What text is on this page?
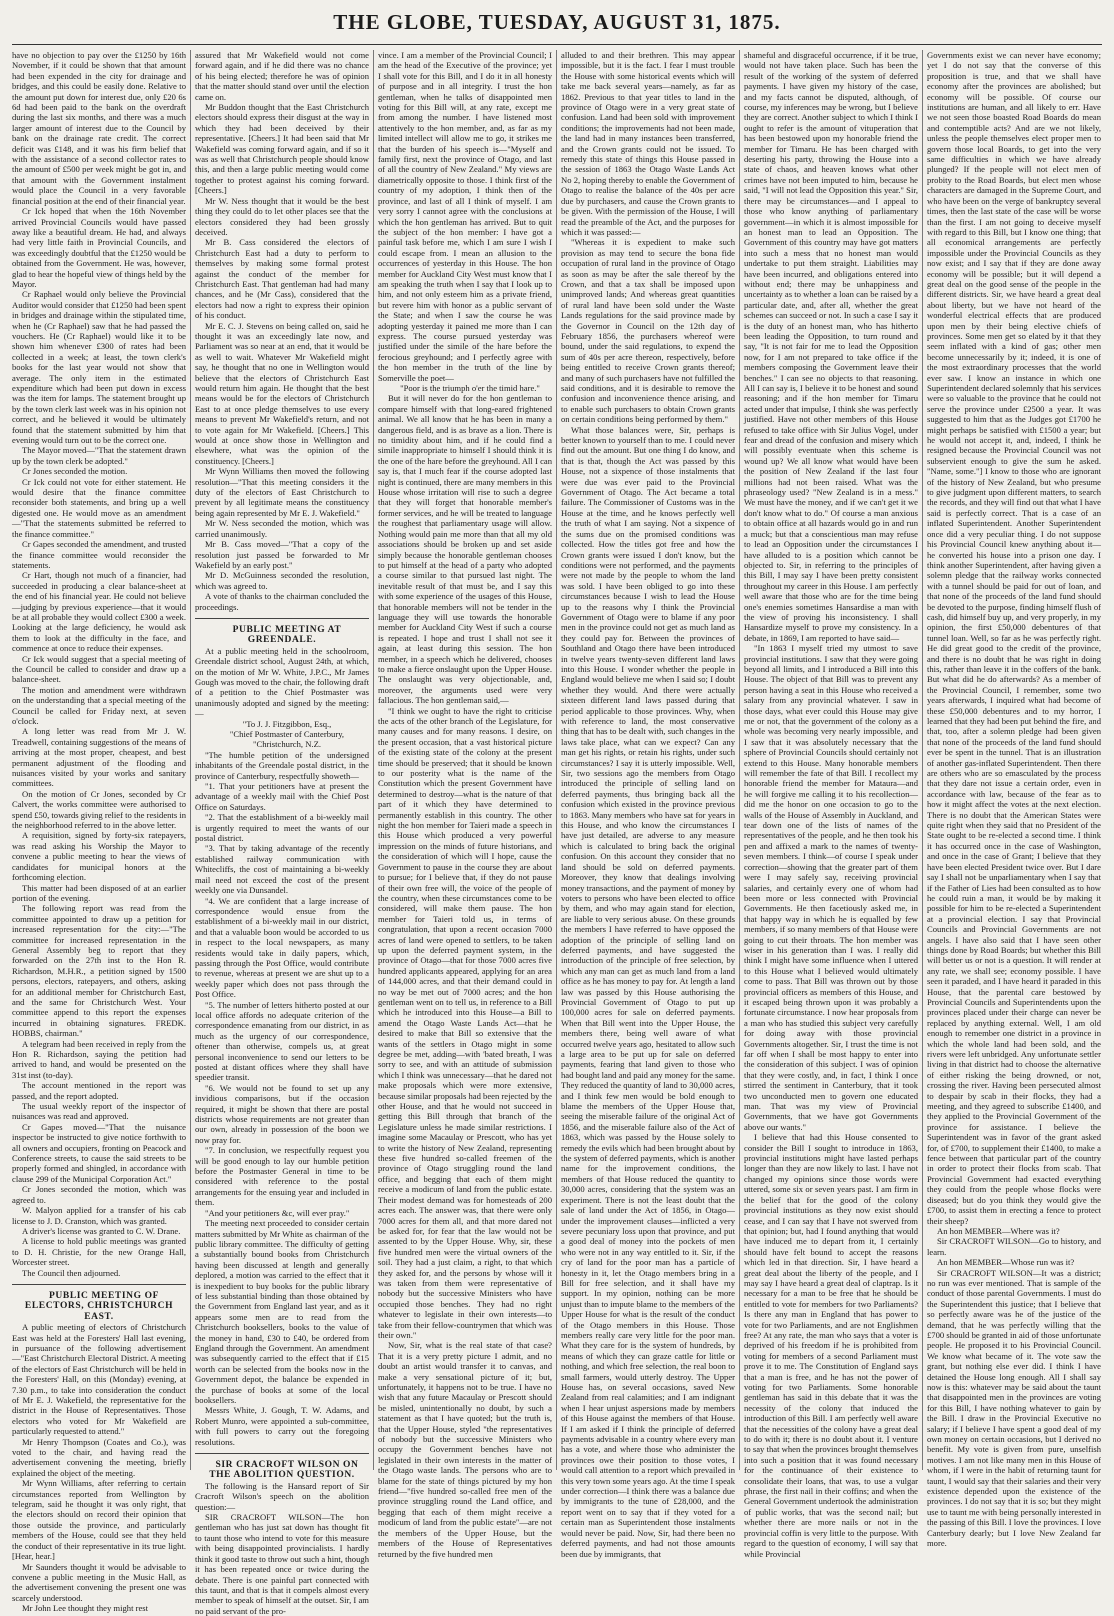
THE GLOBE, TUESDAY, AUGUST 31, 1875.

have no objection to pay over the £1250 by 16th November, if it could be shown that that amount had been expended in the city for drainage and bridges, and this could be easily done. Relative to the amount put down for interest due, only £20 6s 6d had been paid to the bank on the overdraft during the last six months, and there was a much larger amount of interest due to the Council by bank on the drainage rate credit. The correct deficit was £148, and it was his firm belief that with the assistance of a second collector rates to the amount of £500 per week might be got in, and that amount with the Government instalment would place the Council in a very favorable financial position at the end of their financial year.

Cr Ick hoped that when the 16th November arrived Provincial Councils would have passed away like a beautiful dream. He had, and always had very little faith in Provincial Councils, and was exceedingly doubtful that the £1250 would be obtained from the Government. He was, however, glad to hear the hopeful view of things held by the Mayor.

Cr Raphael would only believe the Provincial Auditor would consider that £1250 had been spent in bridges and drainage within the stipulated time, when he (Cr Raphael) saw that he had passed the vouchers. He (Cr Raphael) would like it to be shown him whenever £300 of rates had been collected in a week; at least, the town clerk's books for the last year would not show that average. The only item in the estimated expenditure which had been put down in excess was the item for lamps. The statement brought up by the town clerk last week was in his opinion not correct, and he believed it would be ultimately found that the statement submitted by him that evening would turn out to be the correct one.

The Mayor moved—"That the statement drawn up by the town clerk be adopted."

Cr Jones seconded the motion.

Cr Ick could not vote for either statement. He would desire that the finance committee reconsider both statements, and bring up a well digested one. He would move as an amendment—"That the statements submitted be referred to the finance committee."

Cr Gapes seconded the amendment, and trusted the finance committee would reconsider the statements.

Cr Hart, though not much of a financier, had succeeded in producing a clear balance-sheet at the end of his financial year. He could not believe—judging by previous experience—that it would be at all probable they would collect £300 a week. Looking at the large deficiency, he would ask them to look at the difficulty in the face, and commence at once to reduce their expenses.

Cr Ick would suggest that a special meeting of the Council be called to consider and draw up a balance-sheet.

The motion and amendment were withdrawn on the understanding that a special meeting of the Council be called for Friday next, at seven o'clock.

A long letter was read from Mr J. W. Treadwell, containing suggestions of the means of arriving at the most proper, cheapest, and best permanent adjustment of the flooding and nuisances visited by your works and sanitary committees.

On the motion of Cr Jones, seconded by Cr Calvert, the works committee were authorised to spend £50, towards giving relief to the residents in the neighborhood referred to in the above letter.

A requisition, signed by forty-six ratepayers, was read asking his Worship the Mayor to convene a public meeting to hear the views of candidates for municipal honors at the forthcoming election.

This matter had been disposed of at an earlier portion of the evening.

The following report was read from the committee appointed to draw up a petition for increased representation for the city:—"The committee for increased representation in the General Assembly beg to report that they forwarded on the 27th inst to the Hon R. Richardson, M.H.R., a petition signed by 1500 persons, electors, ratepayers, and others, asking for an additional member for Christchurch East, and the same for Christchurch West. Your committee append to this report the expenses incurred in obtaining signatures. FREDK. HOBBS, chairman."

A telegram had been received in reply from the Hon R. Richardson, saying the petition had arrived to hand, and would be presented on the 31st inst (to-day).

The account mentioned in the report was passed, and the report adopted.

The usual weekly report of the inspector of nuisances was read and approved.

Cr Gapes moved—"That the nuisance inspector be instructed to give notice forthwith to all owners and occupiers, fronting on Peacock and Conference streets, to cause the said streets to be properly formed and shingled, in accordance with clause 299 of the Municipal Corporation Act."

Cr Jones seconded the motion, which was agreed to.

W. Malyon applied for a transfer of his cab license to J. D. Cranston, which was granted.

A driver's license was granted to C. W. Drane.

A license to hold public meetings was granted to D. H. Christie, for the new Orange Hall, Worcester street.

The Council then adjourned.

PUBLIC MEETING OF ELECTORS, CHRISTCHURCH EAST.

A public meeting of electors of Christchurch East was held at the Foresters' Hall last evening, in pursuance of the following advertisement—"East Christchurch Electoral District. A meeting of the electors of East Christchurch will be held in the Foresters' Hall, on this (Monday) evening, at 7.30 p.m., to take into consideration the conduct of Mr E. J. Wakefield, the representative for the district in the House of Representatives. Those electors who voted for Mr Wakefield are particularly requested to attend."

Mr Henry Thompson (Coates and Co.), was voted to the chair, and having read the advertisement convening the meeting, briefly explained the object of the meeting.

Mr Wynn Williams, after referring to certain circumstances reported from Wellington by telegram, said he thought it was only right, that the electors should on record their opinion that those outside the province, and particularly members of the House, could see that they held the conduct of their representative in its true light. [Hear, hear.]

Mr Saunders thought it would be advisable to convene a public meeting in the Music Hall, as the advertisement convening the present one was scarcely understood.

Mr John Lee thought they might rest

assured that Mr Wakefield would not come forward again, and if he did there was no chance of his being elected; therefore he was of opinion that the matter should stand over until the election came on.

Mr Buddon thought that the East Christchurch electors should express their disgust at the way in which they had been deceived by their representative. [Cheers.] It had been said that Mr Wakefield was coming forward again, and if so it was as well that Christchurch people should know this, and then a large public meeting would come together to protest against his coming forward. [Cheers.]

Mr W. Ness thought that it would be the best thing they could do to let other places see that the electors considered they had been grossly deceived.

Mr B. Cass considered the electors of Christchurch East had a duty to perform to themselves by making some formal protest against the conduct of the member for Christchurch East. That gentleman had had many chances, and he (Mr Cass), considered that the electors had now a right to express their opinion of his conduct.

Mr E. C. J. Stevens on being called on, said he thought it was an exceedingly late now, and Parliament was so near at an end, that it would be as well to wait. Whatever Mr Wakefield might say, he thought that no one in Wellington would believe that the electors of Christchurch East would return him again. He thought that the best means would be for the electors of Christchurch East to at once pledge themselves to use every means to prevent Mr Wakefield's return, and not to vote again for Mr Wakefield. [Cheers.] This would at once show those in Wellington and elsewhere, what was the opinion of the constituency. [Cheers.]

Mr Wynn Williams then moved the following resolution—"That this meeting considers it the duty of the electors of East Christchurch to prevent by all legitimate means the constituency being again represented by Mr E. J. Wakefield."

Mr W. Ness seconded the motion, which was carried unanimously.

Mr B. Cass moved—"That a copy of the resolution just passed be forwarded to Mr Wakefield by an early post."

Mr D. McGuinness seconded the resolution, which was agreed to.

A vote of thanks to the chairman concluded the proceedings.

PUBLIC MEETING AT GREENDALE.

At a public meeting held in the schoolroom, Greendale district school, August 24th, at which, on the motion of Mr W. White, J.P.C., Mr James Gough was moved to the chair, the following draft of a petition to the Chief Postmaster was unanimously adopted and signed by the meeting:—

"To J. J. Fitzgibbon, Esq.,

"Chief Postmaster of Canterbury,

"Christchurch, N.Z.

"The humble petition of the undersigned inhabitants of the Greendale postal district, in the province of Canterbury, respectfully showeth—

"1. That your petitioners have at present the advantage of a weekly mail with the Chief Post Office on Saturdays.

"2. That the establishment of a bi-weekly mail is urgently required to meet the wants of our postal district.

"3. That by taking advantage of the recently established railway communication with Whitecliffs, the cost of maintaining a bi-weekly mail need not exceed the cost of the present weekly one via Dunsandel.

"4. We are confident that a large increase of correspondence would ensue from the establishment of a bi-weekly mail in our district, and that a valuable boon would be accorded to us in respect to the local newspapers, as many residents would take in daily papers, which, passing through the Post Office, would contribute to revenue, whereas at present we are shut up to a weekly paper which does not pass through the Post Office.

"5. The number of letters hitherto posted at our local office affords no adequate criterion of the correspondence emanating from our district, in as much as the urgency of our correspondence, oftener than otherwise, compels us, at great personal inconvenience to send our letters to be posted at distant offices where they shall have speedier transit.

"6. We would not be found to set up any invidious comparisons, but if the occasion required, it might be shown that there are postal districts whose requirements are not greater than our own, already in possession of the boon we now pray for.

"7. In conclusion, we respectfully request you will be good enough to lay our humble petition before the Postmaster General in time to be considered with reference to the postal arrangements for the ensuing year and included in them.

"And your petitioners &c, will ever pray."

The meeting next proceeded to consider certain matters submitted by Mr White as chairman of the public library committee. The difficulty of getting a substantially bound books from Christchurch having been discussed at length and generally deplored, a motion was carried to the effect that it is inexpedient to buy books for the public library of less substantial binding than those obtained by the Government from England last year, and as it appears some men are to read from the Christchurch booksellers, books to the value of the money in hand, £30 to £40, be ordered from England through the Government. An amendment was subsequently carried to the effect that if £15 worth can be selected from the books now in the Government depot, the balance be expended in the purchase of books at some of the local booksellers.

Messrs White, J. Gough, T. W. Adams, and Robert Munro, were appointed a sub-committee, with full powers to carry out the foregoing resolutions.

SIR CRACROFT WILSON ON THE ABOLITION QUESTION.

The following is the Hansard report of Sir Cracroft Wilson's speech on the abolition question:—

SIR CRACROFT WILSON—The hon gentleman who has just sat down has thought fit to taunt those who intend to vote for this measure with being disappointed provincialists. I hardly think it good taste to throw out such a hint, though it has been repeated once or twice during the debate. There is one painful part connected with this taunt, and that is that it compels almost every member to speak of himself at the outset. Sir, I am no paid servant of the pro-

vince. I am a member of the Provincial Council; I am the head of the Executive of the province; yet I shall vote for this Bill, and I do it in all honesty of purpose and in all integrity. I trust the hon gentleman, when he talks of disappointed men voting for this Bill will, at any rate, except me from among the number. I have listened most attentively to the hon member, and, as far as my limited intellect will allow me to go, it strikes me that the burden of his speech is—"Myself and family first, next the province of Otago, and last of all the country of New Zealand." My views are diametrically opposite to those. I think first of the country of my adoption, I think then of the province, and last of all I think of myself. I am very sorry I cannot agree with the conclusions at which the hon gentleman has arrived. But to quit the subject of the hon member: I have got a painful task before me, which I am sure I wish I could escape from. I mean an allusion to the occurrences of yesterday in this House. The hon member for Auckland City West must know that I am speaking the truth when I say that I look up to him, and not only esteem him as a private friend, but revere him with honor as a public servant of the State; and when I saw the course he was adopting yesterday it pained me more than I can express. The course pursued yesterday was justified under the simile of the hare before the ferocious greyhound; and I perfectly agree with the hon member in the truth of the line by Somerville the poet—

"Poor is the triumph o'er the timid hare."

But it will never do for the hon gentleman to compare himself with that long-eared frightened animal. We all know that he has been in many a dangerous field, and is as brave as a lion. There is no timidity about him, and if he could find a simile inappropriate to himself I should think it is the one of the hare before the greyhound. All I can say is, that I much fear if the course adopted last night is continued, there are many members in this House whose irritation will rise to such a degree that they will forget that honorable member's former services, and he will be treated to language the roughest that parliamentary usage will allow. Nothing would pain me more than that all my old associations should be broken up and set aside simply because the honorable gentleman chooses to put himself at the head of a party who adopted a course similar to that pursued last night. The inevitable result of that must be, and I say this with some experience of the usages of this House, that honorable members will not be tender in the language they will use towards the honorable member for Auckland City West if such a course is repeated. I hope and trust I shall not see it again, at least during this session. The hon member, in a speech which he delivered, chooses to make a fierce onslaught upon the Upper House. The onslaught was very objectionable, and, moreover, the arguments used were very fallacious. The hon gentleman said,—

"I think we ought to have the right to criticise the acts of the other branch of the Legislature, for many causes and for many reasons. I desire, on the present occasion, that a vast historical picture of the existing state of the colony at the present time should be preserved; that it should be known to our posterity what is the name of the Constitution which the present Government have determined to destroy—what is the nature of that part of it which they have determined to permanently establish in this country. The other night the hon member for Taieri made a speech in this House which produced a very powerful impression on the minds of future historians, and the consideration of which will I hope, cause the Government to pause in the course they are about to pursue; for I believe that, if they do not pause of their own free will, the voice of the people of the country, when these circumstances come to be considered, will make them pause. The hon member for Taieri told us, in terms of congratulation, that upon a recent occasion 7000 acres of land were opened to settlers, to be taken up upon the deferred payment system, in the province of Otago—that for those 7000 acres five hundred applicants appeared, applying for an area of 144,000 acres, and that their demand could in no way be met out of 7000 acres; and the hon gentleman went on to tell us, in reference to a Bill which he introduced into this House—a Bill to amend the Otago Waste Lands Act—that he desired to make that Bill so extensive that the wants of the settlers in Otago might in some degree be met, adding—with 'bated breath, I was sorry to see, and with an attitude of submission which I think was unnecessary—that he dared not make proposals which were more extensive, because similar proposals had been rejected by the other House, and that he would not succeed in getting this Bill through that branch of the Legislature unless he made similar restrictions. I imagine some Macaulay or Prescott, who has yet to write the history of New Zealand, representing these five hundred so-called freemen of the province of Otago struggling round the land office, and begging that each of them might receive a modicum of land from the public estate. Their modest demand was for homesteads of 200 acres each. The answer was, that there were only 7000 acres for them all, and that more dared not be asked for, for fear that the law would not be assented to by the Upper House. Why, sir, these five hundred men were the virtual owners of the soil. They had a just claim, a right, to that which they asked for, and the persons by whose will it was taken from them were representative of nobody but the successive Ministers who have occupied those benches. They had no right whatever to legislate in their own interests—to take from their fellow-countrymen that which was their own."

Now, Sir, what is the real state of that case? That it is a very pretty picture I admit, and no doubt an artist would transfer it to canvas, and make a very sensational picture of it; but, unfortunately, it happens not to be true. I have no wish that any future Macaulay or Prescott should be misled, unintentionally no doubt, by such a statement as that I have quoted; but the truth is, that the Upper House, styled "the representatives of nobody but the successive Ministers who occupy the Government benches have not legislated in their own interests in the matter of the Otago waste lands. The persons who are to blame for the state of things pictured by my hon friend—"five hundred so-called free men of the province struggling round the Land office, and begging that each of them might receive a modicum of land from the public estate"—are not the members of the Upper House, but the members of the House of Representatives returned by the five hundred men

alluded to and their brethren. This may appear impossible, but it is the fact. I fear I must trouble the House with some historical events which will take me back several years—namely, as far as 1862. Previous to that year titles to land in the province of Otago were in a very great state of confusion. Land had been sold with improvement conditions; the improvements had not been made, the land had in many instances been transferred, and the Crown grants could not be issued. To remedy this state of things this House passed in the session of 1863 the Otago Waste Lands Act No 2, hoping thereby to enable the Government of Otago to realise the balance of the 40s per acre due by purchasers, and cause the Crown grants to be given. With the permission of the House, I will read the preamble of the Act, and the purposes for which it was passed:—

"Whereas it is expedient to make such provision as may tend to secure the bona fide occupation of rural land in the province of Otago as soon as may be after the sale thereof by the Crown, and that a tax shall be imposed upon unimproved lands; And whereas great quantities of rural land have been sold under the Waste Lands regulations for the said province made by the Governor in Council on the 12th day of February 1856, the purchasers whereof were bound, under the said regulations, to expend the sum of 40s per acre thereon, respectively, before being entitled to receive Crown grants thereof; and many of such purchasers have not fulfilled the said conditions, and it is desirable to remove the confusion and inconvenience thence arising, and to enable such purchasers to obtain Crown grants on certain conditions being performed by them."

What those balances were, Sir, perhaps is better known to yourself than to me. I could never find out the amount. But one thing I do know, and that is that, though the Act was passed by this House, not a sixpence of those instalments that were due was ever paid to the Provincial Government of Otago. The Act became a total failure. The Commissioner of Customs was in the House at the time, and he knows perfectly well the truth of what I am saying. Not a sixpence of the sums due on the promised conditions was collected. How the titles got free and how the Crown grants were issued I don't know, but the conditions were not performed, and the payments were not made by the people to whom the land was sold. I have been obliged to go into these circumstances because I wish to lead the House up to the reasons why I think the Provincial Government of Otago were to blame if any poor men in the province could not get as much land as they could pay for. Between the provinces of Southland and Otago there have been introduced in twelve years twenty-seven different land laws into this House. I wonder whether the people in England would believe me when I said so; I doubt whether they would. And there were actually sixteen different land laws passed during that period applicable to those provinces. Why, when with reference to land, the most conservative thing that has to be dealt with, such changes in the laws take place, what can we expect? Can any man get his rights, or retain his rights, under such circumstances? I say it is utterly impossible. Well, Sir, two sessions ago the members from Otago introduced the principle of selling land on deferred payments, thus bringing back all the confusion which existed in the province previous to 1863. Many members who have sat for years in this House, and who know the circumstances I have just detailed, are adverse to any measure which is calculated to bring back the original confusion. On this account they consider that no land should be sold on deferred payments. Moreover, they know that dealings involving money transactions, and the payment of money by voters to persons who have been elected to office by them, and who may again stand for election, are liable to very serious abuse. On these grounds the members I have referred to have opposed the adoption of the principle of selling land on deferred payments, and have suggested the introduction of the principle of free selection, by which any man can get as much land from a land office as he has money to pay for. At length a land law was passed by this House authorising the Provincial Government of Otago to put up 100,000 acres for sale on deferred payments. When that Bill went into the Upper House, the members there, being well aware of what occurred twelve years ago, hesitated to allow such a large area to be put up for sale on deferred payments, fearing that land given to those who had bought land and paid any money for the same. They reduced the quantity of land to 30,000 acres, and I think few men would be bold enough to blame the members of the Upper House that, seeing the miserable failure of the original Act of 1856, and the miserable failure also of the Act of 1863, which was passed by the House solely to remedy the evils which had been brought about by the system of deferred payments, which is another name for the improvement conditions, the members of that House reduced the quantity to 30,000 acres, considering that the system was an experiment. There is not the least doubt that the sale of land under the Act of 1856, in Otago—under the improvement clauses—inflicted a very severe pecuniary loss upon that province, and put a good deal of money into the pockets of men who were not in any way entitled to it. Sir, if the cry of land for the poor man has a particle of honesty in it, let the Otago members bring in a Bill for free selection, and it shall have my support. In my opinion, nothing can be more unjust than to impute blame to the members of the Upper House for what is the result of the conduct of the Otago members in this House. Those members really care very little for the poor man. What they care for is the system of hundreds, by means of which they can graze cattle for little or nothing, and which free selection, the real boon to small farmers, would utterly destroy. The Upper House has, on several occasions, saved New Zealand from real calamities; and I am indignant when I hear unjust aspersions made by members of this House against the members of that House. If I am asked if I think the principle of deferred payments advisable in a country where every man has a vote, and where those who administer the provinces owe their position to those votes, I would call attention to a report which prevailed in this very town some years ago. At the time I speak under correction—I think there was a balance due by immigrants to the tune of £28,000, and the report went on to say that if they voted for a certain man as Superintendent those instalments would never be paid. Now, Sir, had there been no deferred payments, and had not those amounts been due by immigrants, that

shameful and disgraceful occurrence, if it be true, would not have taken place. Such has been the result of the working of the system of deferred payments. I have given my history of the case, and my facts cannot be disputed, although, of course, my inferences may be wrong, but I believe they are correct. Another subject to which I think I ought to refer is the amount of vituperation that has been bestowed upon my honorable friend the member for Timaru. He has been charged with deserting his party, throwing the House into a state of chaos, and heaven knows what other crimes have not been imputed to him, because he said, "I will not lead the Opposition this year." Sir, there may be circumstances—and I appeal to those who know anything of parliamentary government—in which it is almost impossible for an honest man to lead an Opposition. The Government of this country may have got matters into such a mess that no honest man would undertake to put them straight. Liabilities may have been incurred, and obligations entered into without end; there may be unhappiness and uncertainty as to whether a loan can be raised by a particular date, and, after all, whether the great schemes can succeed or not. In such a case I say it is the duty of an honest man, who has hitherto been leading the Opposition, to turn round and say, "It is not fair for me to lead the Opposition now, for I am not prepared to take office if the members composing the Government leave their benches." I can see no objects to that reasoning. All I can say is, I believe it to be honest and sound reasoning; and if the hon member for Timaru acted under that impulse, I think she was perfectly justified. Have not other members of this House refused to take office with Sir Julius Vogel, under fear and dread of the confusion and misery which will possibly eventuate when this scheme is wound up? We all know what would have been the position of New Zealand if the last four millions had not been raised. What was the phraseology used? "New Zealand is in a mess." We must have the money, and if we can't get it we don't know what to do." Of course a man anxious to obtain office at all hazards would go in and run a muck; but that a conscientious man may refuse to lead an Opposition under the circumstances I have alluded to is a position which cannot be objected to. Sir, in referring to the principles of this Bill, I may say I have been pretty consistent throughout my career in this House. I am perfectly well aware that those who are for the time being one's enemies sometimes Hansardise a man with the view of proving his inconsistency. I shall Hansardize myself to prove my consistency. In a debate, in 1869, I am reported to have said—

"In 1863 I myself tried my utmost to save provincial institutions. I saw that they were going beyond all limits, and I introduced a Bill into this House. The object of that Bill was to prevent any person having a seat in this House who received a salary from any provincial whatever. I saw in those days, what ever could this House may give me or not, that the government of the colony as a whole was becoming very nearly impossible, and I saw that it was absolutely necessary that the sphere of Provincial Councils should certainly not extend to this House. Many honorable members will remember the fate of that Bill. I recollect my honorable friend the member for Mataura—and he will forgive me calling it to his recollection—did me the honor on one occasion to go to the walls of the House of Assembly in Auckland, and tear down one of the lists of names of the representatives of the people, and he then took his pen and affixed a mark to the names of twenty-seven members. I think—of course I speak under correction—showing that the greater part of them were I may safely say, receiving provincial salaries, and certainly every one of whom had been more or less connected with Provincial Governments. He then facetiously asked me, in that happy way in which he is equalled by few members, if so many members of that House were going to cut their throats. The hon member was wiser in his generation than I was. I really did think I might have some influence when I uttered to this House what I believed would ultimately come to pass. That Bill was thrown out by those provincial officers as members of this House, and it escaped being thrown upon it was probably a fortunate circumstance. I now hear proposals from a man who has studied this subject very carefully for doing away with those provincial Governments altogether. Sir, I trust the time is not far off when I shall be most happy to enter into the consideration of this subject. I was of opinion that they were costly, and, in fact, I think I once stirred the sentiment in Canterbury, that it took two unconducted men to govern one educated man. That was my view of Provincial Governments, that we have got Governments above our wants."

I believe that had this House consented to consider the Bill I sought to introduce in 1863, provincial institutions might have lasted perhaps longer than they are now likely to last. I have not changed my opinions since those words were uttered, some six or seven years past. I am firm in the belief that for the good of the colony provincial institutions as they now exist should cease, and I can say that I have not swerved from that opinion; but, had I found anything that would have induced me to depart from it, I certainly should have felt bound to accept the reasons which led in that direction. Sir, I have heard a great deal about the liberty of the people, and I may say I have heard a great deal of claptrap. Is it necessary for a man to be free that he should be entitled to vote for members for two Parliaments? Is there any man in England that has power to vote for two Parliaments, and are not Englishmen free? At any rate, the man who says that a voter is deprived of his freedom if he is prohibited from voting for members of a second Parliament must prove it to me. The Constitution of England says that a man is free, and he has not the power of voting for two Parliaments. Some honorable gentleman has said in this debate that it was the necessity of the colony that induced the introduction of this Bill. I am perfectly well aware that the necessities of the colony have a great deal to do with it; there is no doubt about it. I venture to say that when the provinces brought themselves into such a position that it was found necessary for the continuance of their existence to consolidate their loans, that was, to use a vulgar phrase, the first nail in their coffins; and when the General Government undertook the administration of public works, that was the second nail; but whether there are more nails or not in the provincial coffin is very little to the purpose. With regard to the question of economy, I will say that while Provincial

Governments exist we can never have economy; yet I do not say that the converse of this proposition is true, and that we shall have economy after the provinces are abolished; but economy will be possible. Of course our institutions are human, and all likely to err. Have we not seen those boasted Road Boards do mean and contemptible acts? And are we not likely, unless the people themselves elect proper men to govern those local Boards, to get into the very same difficulties in which we have already plunged? If the people will not elect men of probity to the Road Boards, but elect men whose characters are damaged in the Supreme Court, and who have been on the verge of bankruptcy several times, then the last state of the case will be worse than the first. I am not going to deceive myself with regard to this Bill, but I know one thing; that all economical arrangements are perfectly impossible under the Provincial Councils as they now exist; and I say that if they are done away economy will be possible; but it will depend a great deal on the good sense of the people in the different districts. Sir, we have heard a great deal about liberty, but we have not heard of the wonderful electrical effects that are produced upon men by their being elective chiefs of provinces. Some men get so elated by it that they seem inflated with a kind of gas; other men become unnecessarily by it; indeed, it is one of the most extraordinary processes that the world ever saw. I know an instance in which one Superintendent declared solemnly that his services were so valuable to the province that he could not serve the province under £2500 a year. It was suggested to him that as the Judges got £1700 he might perhaps be satisfied with £1500 a year; but he would not accept it, and, indeed, I think he resigned because the Provincial Council was not subservient enough to give the sum he asked. "Name, some."] I know to those who are ignorant of the history of New Zealand, but who presume to give judgment upon different matters, to search the records, and they will find out that what I have said is perfectly correct. That is a case of an inflated Superintendent. Another Superintendent once did a very peculiar thing. I do not suppose his Provincial Council knew anything about it—he converted his house into a prison one day. I think another Superintendent, after having given a solemn pledge that the railway works connected with a tunnel should be paid for out of loan, and that none of the proceeds of the land fund should be devoted to the purpose, finding himself flush of cash, did himself buy up, and very properly, in my opinion, the first £50,000 debentures of that tunnel loan. Well, so far as he was perfectly right. He did great good to the credit of the province, and there is no doubt that he was right in doing this, rather than leave it in the coffers of the bank. But what did he do afterwards? As a member of the Provincial Council, I remember, some two years afterwards, I inquired what had become of these £50,000 debentures and to my horror, I learned that they had been put behind the fire, and that, too, after a solemn pledge had been given that none of the proceeds of the land fund should ever be spent in the tunnel. That is an illustration of another gas-inflated Superintendent. Then there are others who are so emasculated by the process that they dare not issue a certain order, even in accordance with law, because of the fear as to how it might affect the votes at the next election. There is no doubt that the American States were quite right when they said that no President of the State ought to be re-elected a second time. I think it has occurred once in the case of Washington, and once in the case of Grant; I believe that they have been elected President twice over. But I dare say I shall not be unparliamentary when I say that if the Father of Lies had been consulted as to how he could ruin a man, it would be by making it possible for him to be re-elected a Superintendent at a provincial election. I say that Provincial Councils and Provincial Governments are not angels. I have also said that I have seen other things done by Road Boards; but whether this Bill will better us or not is a question. It will render at any rate, we shall see; economy possible. I have seen it paraded, and I have heard it paraded in this House, that the parental care bestowed by Provincial Councils and Superintendents upon the provinces placed under their charge can never be replaced by anything external. Well, I am old enough to remember one district in a province in which the whole land had been sold, and the rivers were left unbridged. Any unfortunate settler living in that district had to choose the alternative of either risking the being drowned, or not, crossing the river. Having been persecuted almost to despair by scab in their flocks, they had a meeting, and they agreed to subscribe £1400, and they applied to the Provincial Government of the province for assistance. I believe the Superintendent was in favor of the grant asked for, of £700, to supplement their £1400, to make a fence between that particular part of the country in order to protect their flocks from scab. That Provincial Government had exacted everything they could from the people whose flocks were diseased; but do you think they would give the £700, to assist them in erecting a fence to protect their sheep?

An hon MEMBER—Where was it?

Sir CRACROFT WILSON—Go to history, and learn.

An hon MEMBER—Whose run was it?

Sir CRACROFT WILSON—It was a district; no run was ever mentioned. That is sample of the conduct of those parental Governments. I must do the Superintendent this justice; that I believe that so perfectly aware was he of the justice of the demand, that he was perfectly willing that the £700 should be granted in aid of those unfortunate people. He proposed it to his Provincial Council. We know what became of it. The vote saw the grant, but nothing else ever did. I think I have detained the House long enough. All I shall say now is this: whatever may be said about the taunt that disappointed men in the provinces are voting for this Bill, I have nothing whatever to gain by the Bill. I draw in the Provincial Executive no salary; if I believe I have spent a good deal of my own money on certain occasions, but I derived no benefit. My vote is given from pure, unselfish motives. I am not like many men in this House of whom, if I were in the habit of returning taunt for taunt, I would say that their salaries and their very existence depended upon the existence of the provinces. I do not say that it is so; but they might use to taunt me with being personally interested in the passing of this Bill. I love the provinces. I love Canterbury dearly; but I love New Zealand far more.
